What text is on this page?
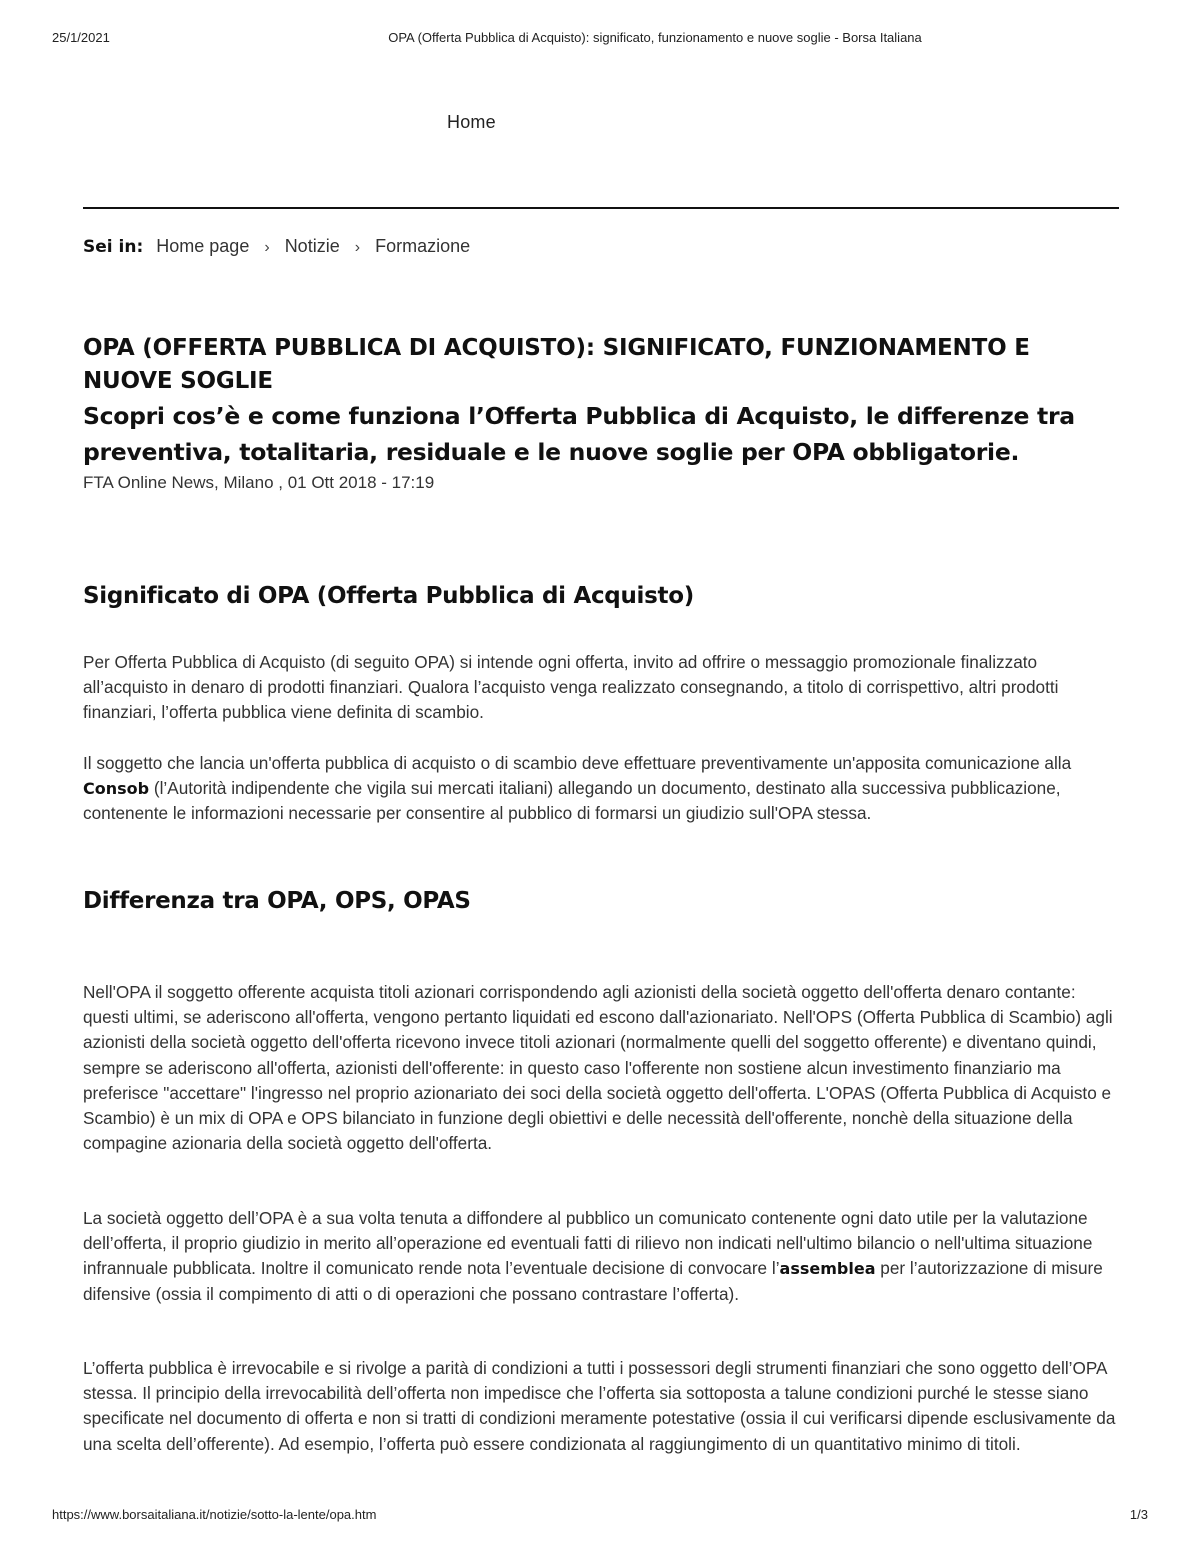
25/1/2021	OPA (Offerta Pubblica di Acquisto): significato, funzionamento e nuove soglie - Borsa Italiana
Home
Sei in: Home page › Notizie › Formazione
OPA (OFFERTA PUBBLICA DI ACQUISTO): SIGNIFICATO, FUNZIONAMENTO E NUOVE SOGLIE
Scopri cos’è e come funziona l’Offerta Pubblica di Acquisto, le differenze tra preventiva, totalitaria, residuale e le nuove soglie per OPA obbligatorie.

FTA Online News, Milano , 01 Ott 2018 - 17:19

Significato di OPA (Offerta Pubblica di Acquisto)

Per Offerta Pubblica di Acquisto (di seguito OPA) si intende ogni offerta, invito ad offrire o messaggio promozionale finalizzato all’acquisto in denaro di prodotti finanziari. Qualora l’acquisto venga realizzato consegnando, a titolo di corrispettivo, altri prodotti finanziari, l’offerta pubblica viene definita di scambio.

Il soggetto che lancia un'offerta pubblica di acquisto o di scambio deve effettuare preventivamente un'apposita comunicazione alla Consob (l’Autorità indipendente che vigila sui mercati italiani) allegando un documento, destinato alla successiva pubblicazione, contenente le informazioni necessarie per consentire al pubblico di formarsi un giudizio sull'OPA stessa.

Differenza tra OPA, OPS, OPAS

Nell'OPA il soggetto offerente acquista titoli azionari corrispondendo agli azionisti della società oggetto dell'offerta denaro contante: questi ultimi, se aderiscono all'offerta, vengono pertanto liquidati ed escono dall'azionariato. Nell'OPS (Offerta Pubblica di Scambio) agli azionisti della società oggetto dell'offerta ricevono invece titoli azionari (normalmente quelli del soggetto offerente) e diventano quindi, sempre se aderiscono all'offerta, azionisti dell'offerente: in questo caso l'offerente non sostiene alcun investimento finanziario ma preferisce "accettare" l'ingresso nel proprio azionariato dei soci della società oggetto dell'offerta. L'OPAS (Offerta Pubblica di Acquisto e Scambio) è un mix di OPA e OPS bilanciato in funzione degli obiettivi e delle necessità dell'offerente, nonchè della situazione della compagine azionaria della società oggetto dell'offerta.

La società oggetto dell’OPA è a sua volta tenuta a diffondere al pubblico un comunicato contenente ogni dato utile per la valutazione dell’offerta, il proprio giudizio in merito all’operazione ed eventuali fatti di rilievo non indicati nell'ultimo bilancio o nell'ultima situazione infrannuale pubblicata. Inoltre il comunicato rende nota l’eventuale decisione di convocare l’assemblea per l’autorizzazione di misure difensive (ossia il compimento di atti o di operazioni che possano contrastare l’offerta).

L’offerta pubblica è irrevocabile e si rivolge a parità di condizioni a tutti i possessori degli strumenti finanziari che sono oggetto dell’OPA stessa. Il principio della irrevocabilità dell’offerta non impedisce che l’offerta sia sottoposta a talune condizioni purché le stesse siano specificate nel documento di offerta e non si tratti di condizioni meramente potestative (ossia il cui verificarsi dipende esclusivamente da una scelta dell’offerente). Ad esempio, l’offerta può essere condizionata al raggiungimento di un quantitativo minimo di titoli.

https://www.borsaitaliana.it/notizie/sotto-la-lente/opa.htm	1/3
